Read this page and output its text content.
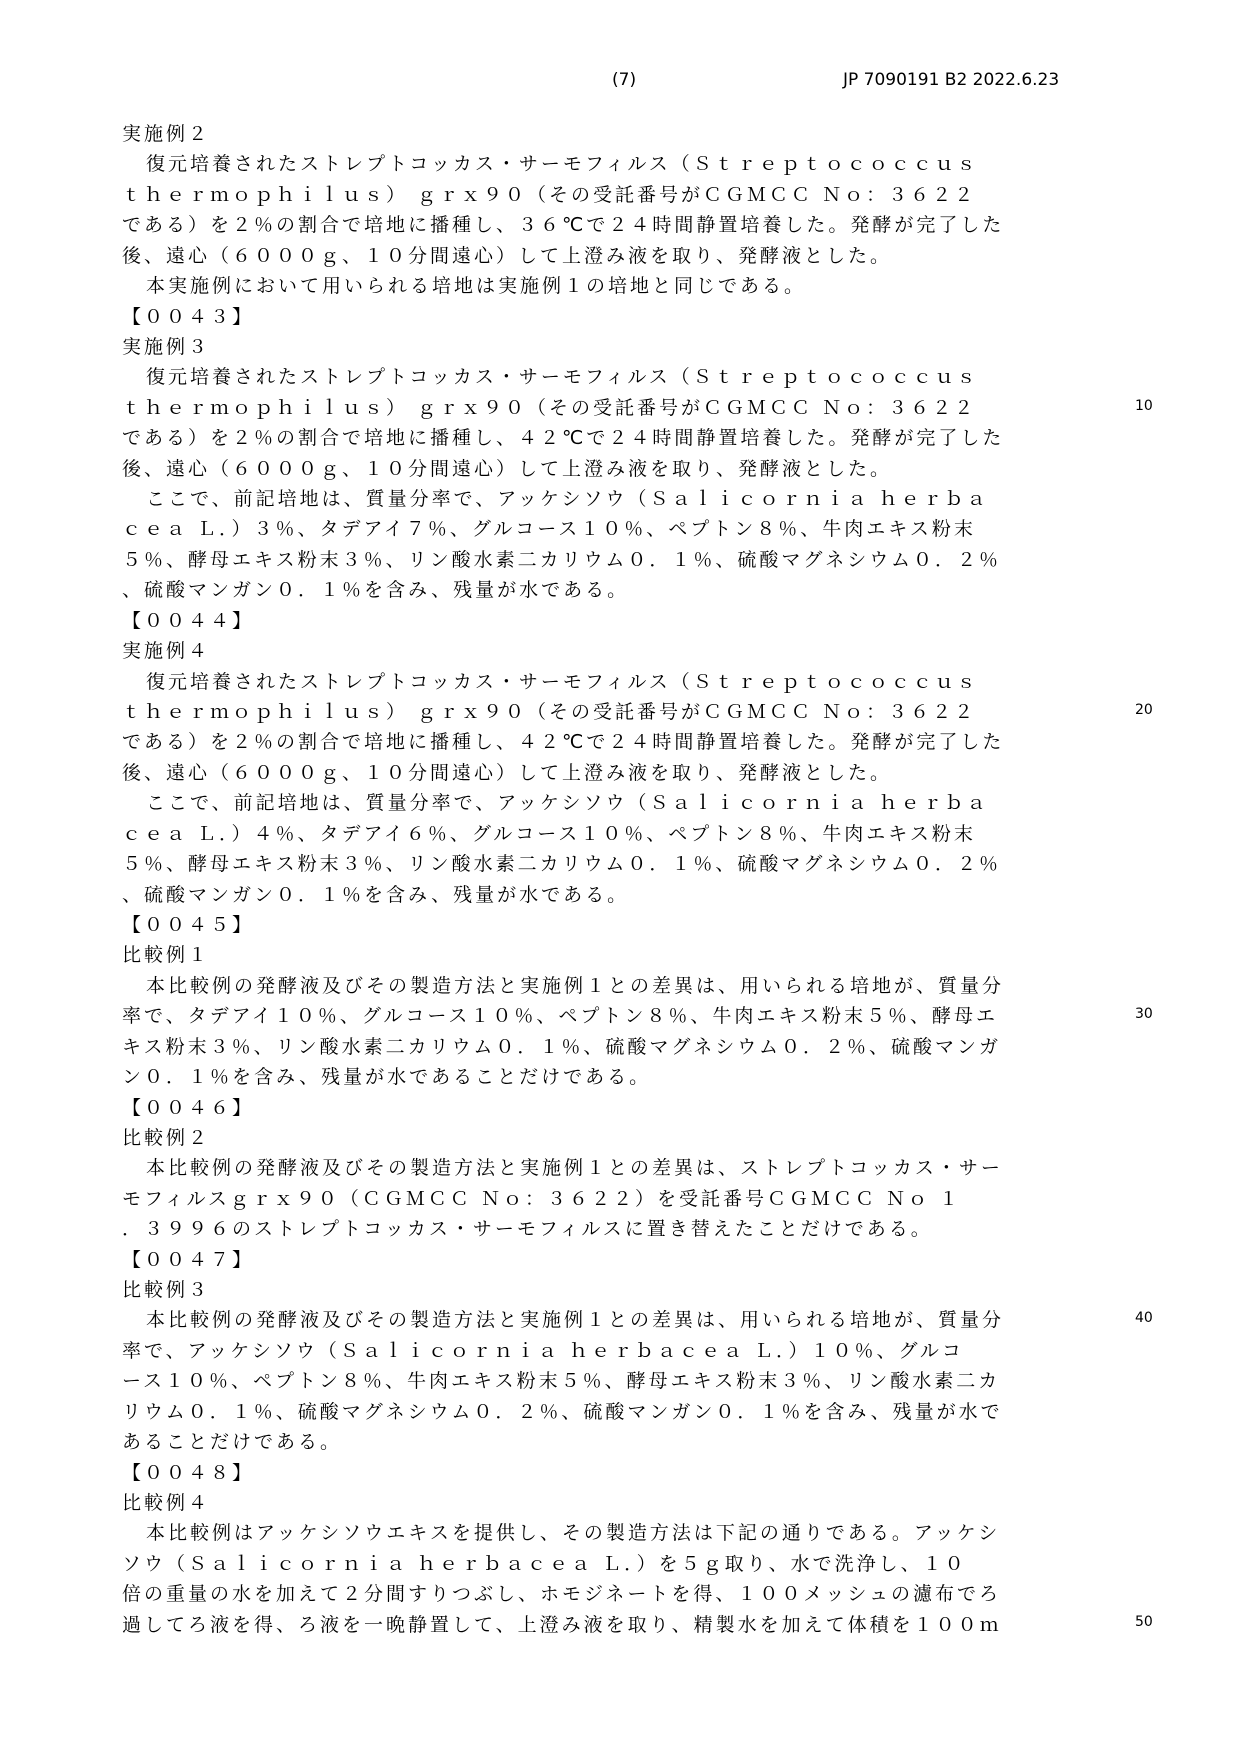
(7)	JP 7090191 B2 2022.6.23
実施例２
復元培養されたストレプトコッカス・サーモフィルス（Ｓｔｒｅｐｔｏｃｏｃｃｕｓ
ｔｈｅｒｍｏｐｈｉｌｕｓ） ｇｒｘ９０（その受託番号がＣＧＭＣＣ Ｎｏ：３６２２
である）を２％の割合で培地に播種し、３６℃で２４時間静置培養した。発酵が完了した
後、遠心（６０００ｇ、１０分間遠心）して上澄み液を取り、発酵液とした。
本実施例において用いられる培地は実施例１の培地と同じである。
【００４３】
実施例３
復元培養されたストレプトコッカス・サーモフィルス（Ｓｔｒｅｐｔｏｃｏｃｃｕｓ
ｔｈｅｒｍｏｐｈｉｌｕｓ） ｇｒｘ９０（その受託番号がＣＧＭＣＣ Ｎｏ：３６２２
である）を２％の割合で培地に播種し、４２℃で２４時間静置培養した。発酵が完了した
後、遠心（６０００ｇ、１０分間遠心）して上澄み液を取り、発酵液とした。
ここで、前記培地は、質量分率で、アッケシソウ（Ｓａｌｉｃｏｒｎｉａ ｈｅｒｂａ
ｃｅａ Ｌ．）３％、タデアイ７％、グルコース１０％、ペプトン８％、牛肉エキス粉末
５％、酵母エキス粉末３％、リン酸水素二カリウム０．１％、硫酸マグネシウム０．２％
、硫酸マンガン０．１％を含み、残量が水である。
【００４４】
実施例４
復元培養されたストレプトコッカス・サーモフィルス（Ｓｔｒｅｐｔｏｃｏｃｃｕｓ
ｔｈｅｒｍｏｐｈｉｌｕｓ） ｇｒｘ９０（その受託番号がＣＧＭＣＣ Ｎｏ：３６２２
である）を２％の割合で培地に播種し、４２℃で２４時間静置培養した。発酵が完了した
後、遠心（６０００ｇ、１０分間遠心）して上澄み液を取り、発酵液とした。
ここで、前記培地は、質量分率で、アッケシソウ（Ｓａｌｉｃｏｒｎｉａ ｈｅｒｂａ
ｃｅａ Ｌ．）４％、タデアイ６％、グルコース１０％、ペプトン８％、牛肉エキス粉末
５％、酵母エキス粉末３％、リン酸水素二カリウム０．１％、硫酸マグネシウム０．２％
、硫酸マンガン０．１％を含み、残量が水である。
【００４５】
比較例１
本比較例の発酵液及びその製造方法と実施例１との差異は、用いられる培地が、質量分
率で、タデアイ１０％、グルコース１０％、ペプトン８％、牛肉エキス粉末５％、酵母エ
キス粉末３％、リン酸水素二カリウム０．１％、硫酸マグネシウム０．２％、硫酸マンガ
ン０．１％を含み、残量が水であることだけである。
【００４６】
比較例２
本比較例の発酵液及びその製造方法と実施例１との差異は、ストレプトコッカス・サー
モフィルスｇｒｘ９０（ＣＧＭＣＣ Ｎｏ：３６２２）を受託番号ＣＧＭＣＣ Ｎｏ １
．３９９６のストレプトコッカス・サーモフィルスに置き替えたことだけである。
【００４７】
比較例３
本比較例の発酵液及びその製造方法と実施例１との差異は、用いられる培地が、質量分
率で、アッケシソウ（Ｓａｌｉｃｏｒｎｉａ ｈｅｒｂａｃｅａ Ｌ．）１０％、グルコ
ース１０％、ペプトン８％、牛肉エキス粉末５％、酵母エキス粉末３％、リン酸水素二カ
リウム０．１％、硫酸マグネシウム０．２％、硫酸マンガン０．１％を含み、残量が水で
あることだけである。
【００４８】
比較例４
本比較例はアッケシソウエキスを提供し、その製造方法は下記の通りである。アッケシ
ソウ（Ｓａｌｉｃｏｒｎｉａ ｈｅｒｂａｃｅａ Ｌ．）を５ｇ取り、水で洗浄し、１０
倍の重量の水を加えて２分間すりつぶし、ホモジネートを得、１００メッシュの濾布でろ
過してろ液を得、ろ液を一晩静置して、上澄み液を取り、精製水を加えて体積を１００ｍ
10
20
30
40
50
